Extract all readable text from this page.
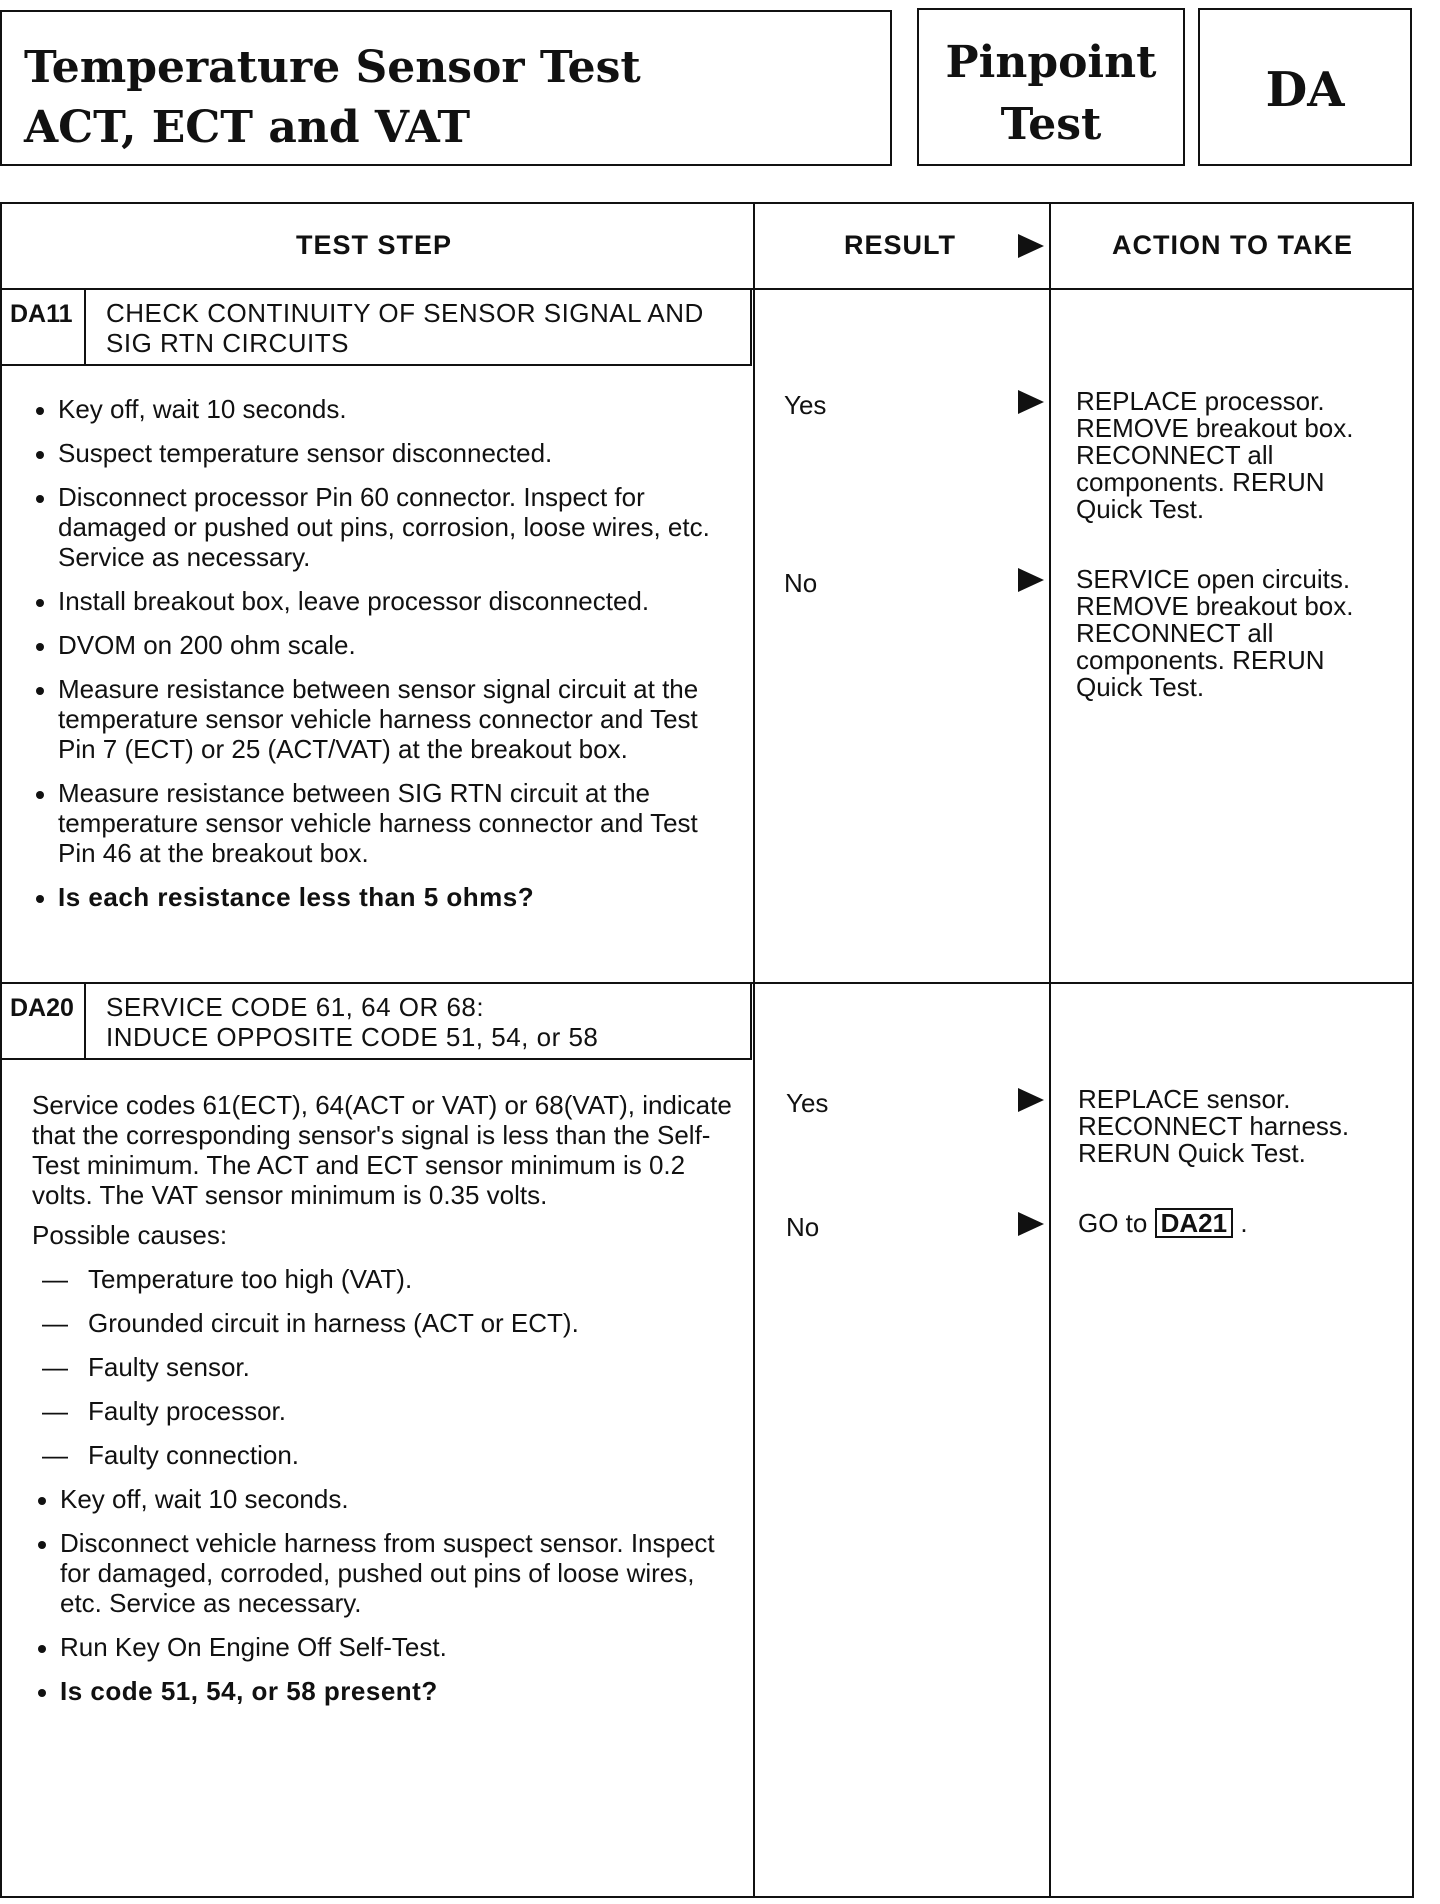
Temperature Sensor Test
ACT, ECT and VAT
Pinpoint
Test
DA
TEST STEP	RESULT	ACTION TO TAKE
DA11	CHECK CONTINUITY OF SENSOR SIGNAL AND
SIG RTN CIRCUITS
Key off, wait 10 seconds.
Suspect temperature sensor disconnected.
Disconnect processor Pin 60 connector. Inspect for damaged or pushed out pins, corrosion, loose wires, etc. Service as necessary.
Install breakout box, leave processor disconnected.
DVOM on 200 ohm scale.
Measure resistance between sensor signal circuit at the temperature sensor vehicle harness connector and Test Pin 7 (ECT) or 25 (ACT/VAT) at the breakout box.
Measure resistance between SIG RTN circuit at the temperature sensor vehicle harness connector and Test Pin 46 at the breakout box.
Is each resistance less than 5 ohms?
Yes	REPLACE processor.
REMOVE breakout box.
RECONNECT all
components. RERUN
Quick Test.
No	SERVICE open circuits.
REMOVE breakout box.
RECONNECT all
components. RERUN
Quick Test.
DA20	SERVICE CODE 61, 64 OR 68:
INDUCE OPPOSITE CODE 51, 54, or 58
Service codes 61(ECT), 64(ACT or VAT) or 68(VAT), indicate that the corresponding sensor's signal is less than the Self-Test minimum. The ACT and ECT sensor minimum is 0.2 volts. The VAT sensor minimum is 0.35 volts.
Possible causes:
— Temperature too high (VAT).
— Grounded circuit in harness (ACT or ECT).
— Faulty sensor.
— Faulty processor.
— Faulty connection.
Key off, wait 10 seconds.
Disconnect vehicle harness from suspect sensor. Inspect for damaged, corroded, pushed out pins of loose wires, etc. Service as necessary.
Run Key On Engine Off Self-Test.
Is code 51, 54, or 58 present?
Yes	REPLACE sensor.
RECONNECT harness.
RERUN Quick Test.
No	GO to DA21 .
